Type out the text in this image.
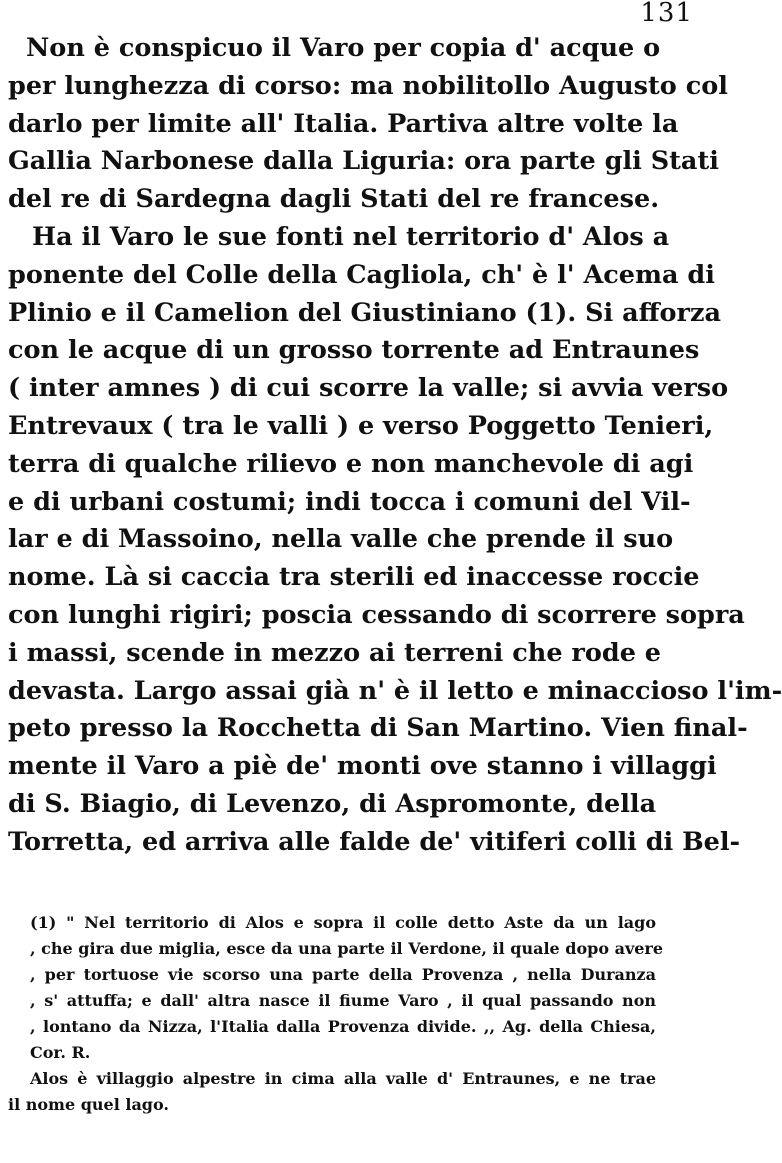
131

Non è conspicuo il Varo per copia d' acque o
per lunghezza di corso: ma nobilitollo Augusto col
darlo per limite all' Italia. Partiva altre volte la
Gallia Narbonese dalla Liguria: ora parte gli Stati
del re di Sardegna dagli Stati del re francese.

Ha il Varo le sue fonti nel territorio d' Alos a
ponente del Colle della Cagliola, ch' è l' Acema di
Plinio e il Camelion del Giustiniano (1). Si afforza
con le acque di un grosso torrente ad Entraunes
( inter amnes ) di cui scorre la valle; si avvia verso
Entrevaux ( tra le valli ) e verso Poggetto Tenieri,
terra di qualche rilievo e non manchevole di agi
e di urbani costumi; indi tocca i comuni del Vil-
lar e di Massoino, nella valle che prende il suo
nome. Là si caccia tra sterili ed inaccesse roccie
con lunghi rigiri; poscia cessando di scorrere sopra
i massi, scende in mezzo ai terreni che rode e
devasta. Largo assai già n' è il letto e minaccioso l'im-
peto presso la Rocchetta di San Martino. Vien final-
mente il Varo a piè de' monti ove stanno i villaggi
di S. Biagio, di Levenzo, di Aspromonte, della
Torretta, ed arriva alle falde de' vitiferi colli di Bel-

(1) " Nel territorio di Alos e sopra il colle detto Aste da un lago
, che gira due miglia, esce da una parte il Verdone, il quale dopo avere
, per tortuose vie scorso una parte della Provenza , nella Duranza
, s' attuffa; e dall' altra nasce il fiume Varo , il qual passando non
, lontano da Nizza, l'Italia dalla Provenza divide. ,, Ag. della Chiesa,
Cor. R.

Alos è villaggio alpestre in cima alla valle d' Entraunes, e ne trae
il nome quel lago.
